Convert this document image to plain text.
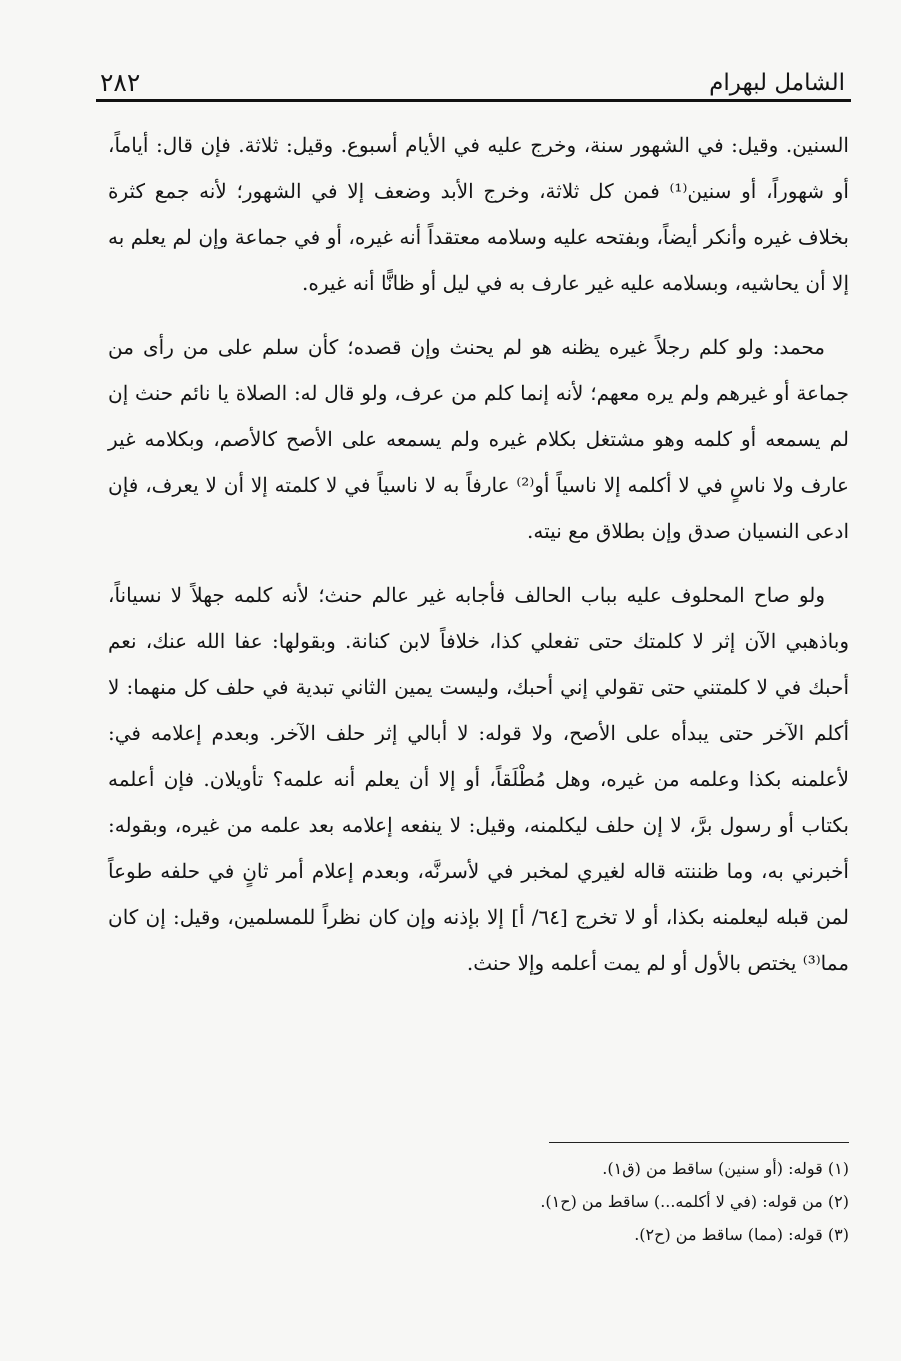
٢٨٢	الشامل لبهرام

السنين. وقيل: في الشهور سنة، وخرج عليه في الأيام أسبوع. وقيل: ثلاثة. فإن قال: أياماً، أو شهوراً، أو سنين⁽¹⁾ فمن كل ثلاثة، وخرج الأبد وضعف إلا في الشهور؛ لأنه جمع كثرة بخلاف غيره وأنكر أيضاً، وبفتحه عليه وسلامه معتقداً أنه غيره، أو في جماعة وإن لم يعلم به إلا أن يحاشيه، وبسلامه عليه غير عارف به في ليل أو ظانًّا أنه غيره.

محمد: ولو كلم رجلاً غيره يظنه هو لم يحنث وإن قصده؛ كأن سلم على من رأى من جماعة أو غيرهم ولم يره معهم؛ لأنه إنما كلم من عرف، ولو قال له: الصلاة يا نائم حنث إن لم يسمعه أو كلمه وهو مشتغل بكلام غيره ولم يسمعه على الأصح كالأصم، وبكلامه غير عارف ولا ناسٍ في لا أكلمه إلا ناسياً أو⁽²⁾ عارفاً به لا ناسياً في لا كلمته إلا أن لا يعرف، فإن ادعى النسيان صدق وإن بطلاق مع نيته.

ولو صاح المحلوف عليه بباب الحالف فأجابه غير عالم حنث؛ لأنه كلمه جهلاً لا نسياناً، وباذهبي الآن إثر لا كلمتك حتى تفعلي كذا، خلافاً لابن كنانة. وبقولها: عفا الله عنك، نعم أحبك في لا كلمتني حتى تقولي إني أحبك، وليست يمين الثاني تبدية في حلف كل منهما: لا أكلم الآخر حتى يبدأه على الأصح، ولا قوله: لا أبالي إثر حلف الآخر. وبعدم إعلامه في: لأعلمنه بكذا وعلمه من غيره، وهل مُطْلَقاً، أو إلا أن يعلم أنه علمه؟ تأويلان. فإن أعلمه بكتاب أو رسول برَّ، لا إن حلف ليكلمنه، وقيل: لا ينفعه إعلامه بعد علمه من غيره، وبقوله: أخبرني به، وما ظننته قاله لغيري لمخبر في لأسرنَّه، وبعدم إعلام أمر ثانٍ في حلفه طوعاً لمن قبله ليعلمنه بكذا، أو لا تخرج [٦٤/ أ] إلا بإذنه وإن كان نظراً للمسلمين، وقيل: إن كان مما⁽³⁾ يختص بالأول أو لم يمت أعلمه وإلا حنث.

(١) قوله: (أو سنين) ساقط من (ق١).
(٢) من قوله: (في لا أكلمه...) ساقط من (ح١).
(٣) قوله: (مما) ساقط من (ح٢).
